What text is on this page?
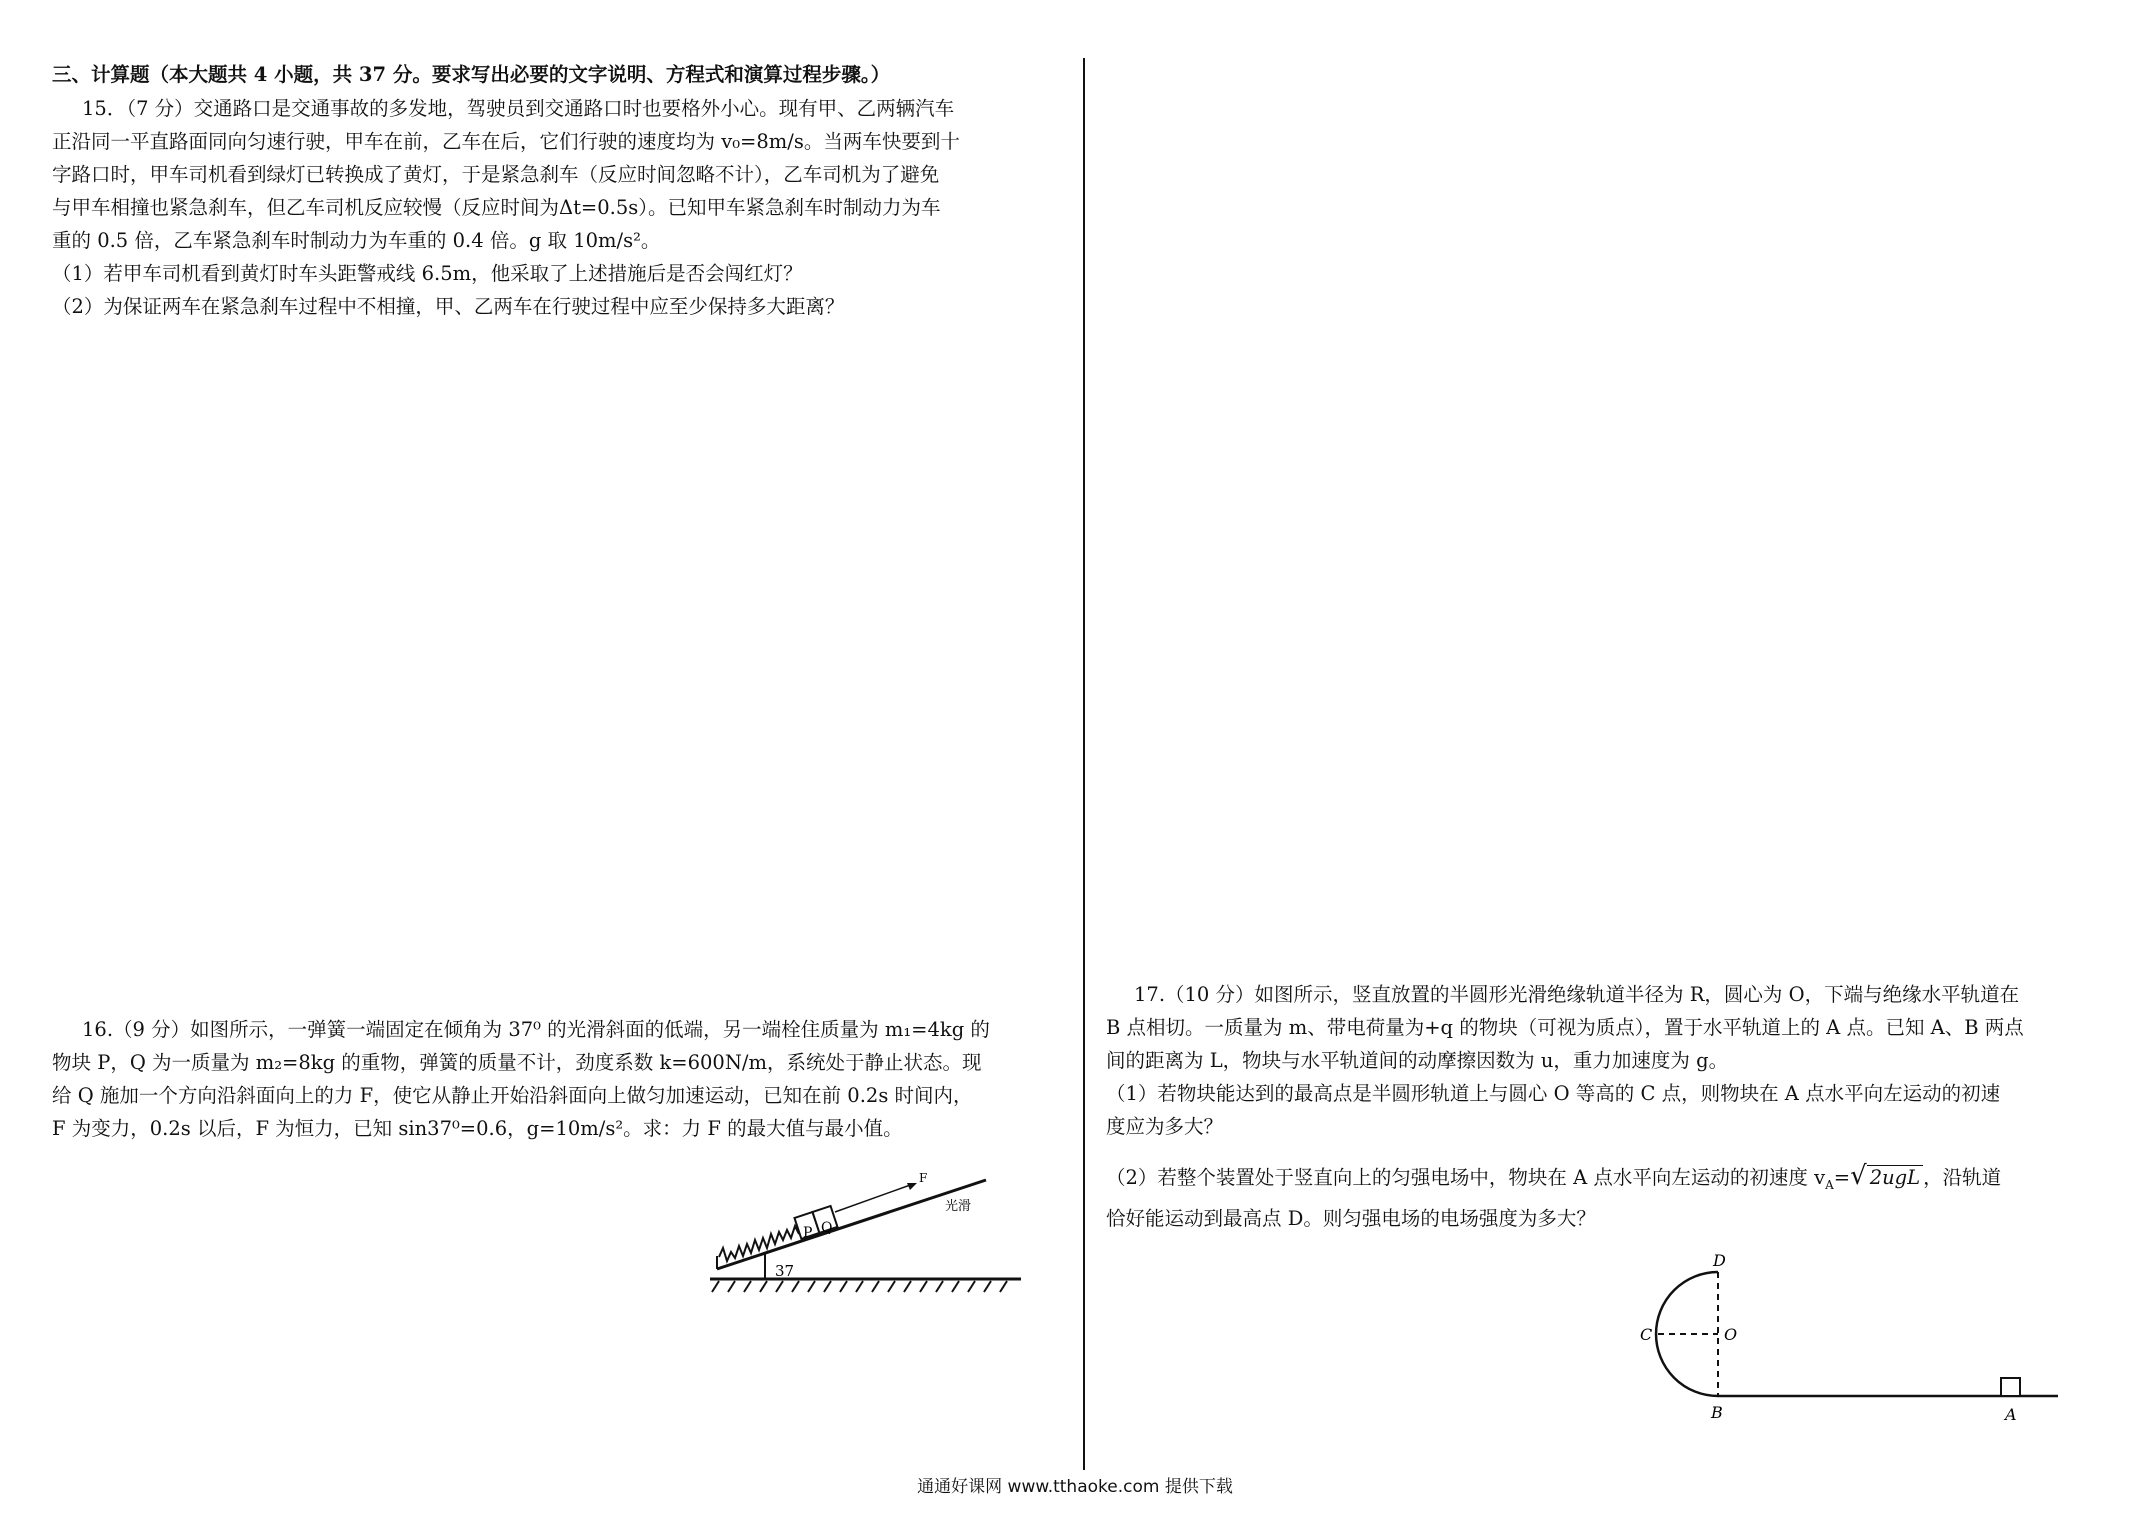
三、计算题（本大题共 4 小题，共 37 分。要求写出必要的文字说明、方程式和演算过程步骤。）
15．（7 分）交通路口是交通事故的多发地，驾驶员到交通路口时也要格外小心。现有甲、乙两辆汽车
正沿同一平直路面同向匀速行驶，甲车在前，乙车在后，它们行驶的速度均为 v₀=8m/s。当两车快要到十
字路口时，甲车司机看到绿灯已转换成了黄灯，于是紧急刹车（反应时间忽略不计），乙车司机为了避免
与甲车相撞也紧急刹车，但乙车司机反应较慢（反应时间为Δt=0.5s）。已知甲车紧急刹车时制动力为车
重的 0.5 倍，乙车紧急刹车时制动力为车重的 0.4 倍。g 取 10m/s²。
（1）若甲车司机看到黄灯时车头距警戒线 6.5m，他采取了上述措施后是否会闯红灯？
（2）为保证两车在紧急刹车过程中不相撞，甲、乙两车在行驶过程中应至少保持多大距离？
16.（9 分）如图所示，一弹簧一端固定在倾角为 37⁰ 的光滑斜面的低端，另一端栓住质量为 m₁=4kg 的
物块 P，Q 为一质量为 m₂=8kg 的重物，弹簧的质量不计，劲度系数 k=600N/m，系统处于静止状态。现
给 Q 施加一个方向沿斜面向上的力 F，使它从静止开始沿斜面向上做匀加速运动，已知在前 0.2s 时间内，
F 为变力，0.2s 以后，F 为恒力，已知 sin37⁰=0.6，g=10m/s²。求：力 F 的最大值与最小值。
P Q
F
37
光滑
17.（10 分）如图所示，竖直放置的半圆形光滑绝缘轨道半径为 R，圆心为 O，下端与绝缘水平轨道在
B 点相切。一质量为 m、带电荷量为+q 的物块（可视为质点），置于水平轨道上的 A 点。已知 A、B 两点
间的距离为 L，物块与水平轨道间的动摩擦因数为 u，重力加速度为 g。
（1）若物块能达到的最高点是半圆形轨道上与圆心 O 等高的 C 点，则物块在 A 点水平向左运动的初速
度应为多大？
（2）若整个装置处于竖直向上的匀强电场中，物块在 A 点水平向左运动的初速度 $v_A=√$ 2ugL ，沿轨道
恰好能运动到最高点 D。则匀强电场的电场强度为多大？
D
C	O
B	A
通通好课网 www.tthaoke.com 提供下载
